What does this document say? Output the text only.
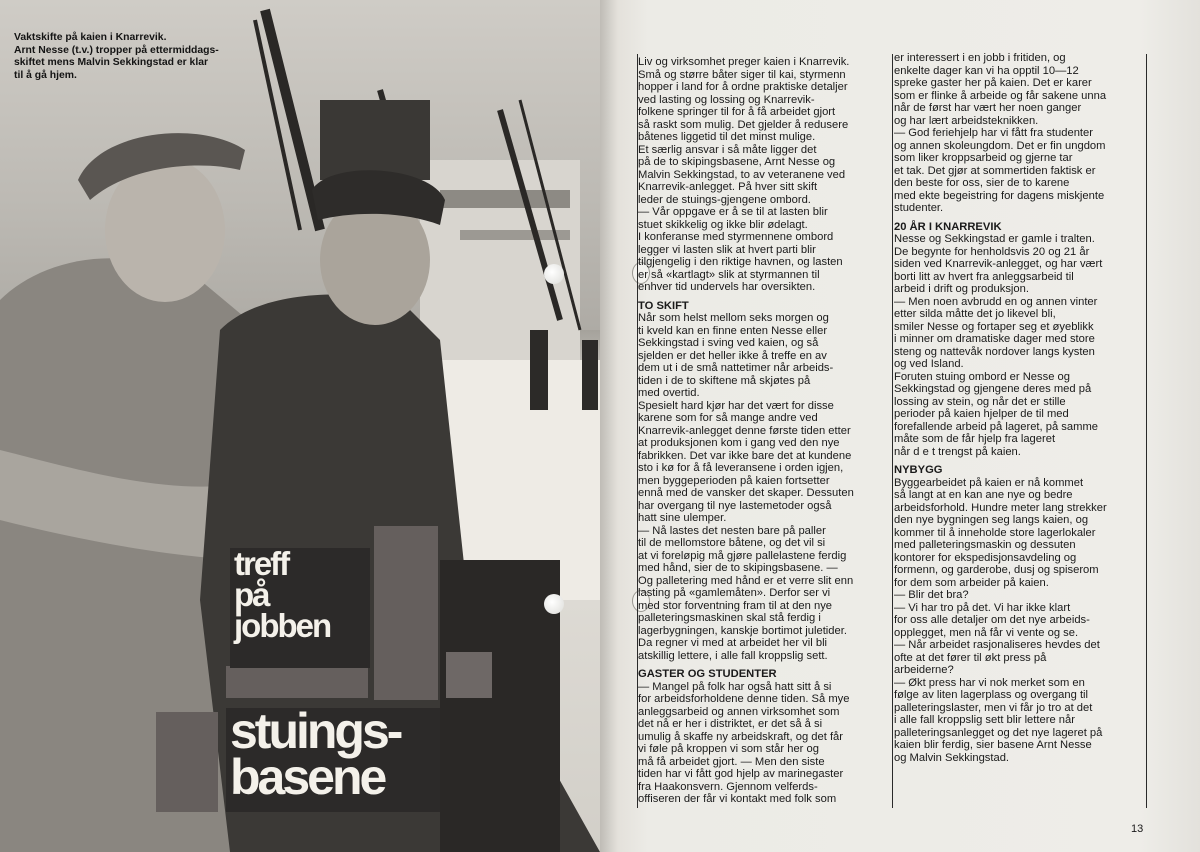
Vaktskifte på kaien i Knarrevik.
Arnt Nesse (t.v.) tropper på ettermiddags-
skiftet mens Malvin Sekkingstad er klar
til å gå hjem.
treff
på
jobben
stuings-
basene
Liv og virksomhet preger kaien i Knarrevik.
Små og større båter siger til kai, styrmenn
hopper i land for å ordne praktiske detaljer
ved lasting og lossing og Knarrevik-
folkene springer til for å få arbeidet gjort
så raskt som mulig. Det gjelder å redusere
båtenes liggetid til det minst mulige.
Et særlig ansvar i så måte ligger det
på de to skipingsbasene, Arnt Nesse og
Malvin Sekkingstad, to av veteranene ved
Knarrevik-anlegget. På hver sitt skift
leder de stuings-gjengene ombord.
— Vår oppgave er å se til at lasten blir
stuet skikkelig og ikke blir ødelagt.
I konferanse med styrmennene ombord
legger vi lasten slik at hvert parti blir
tilgjengelig i den riktige havnen, og lasten
er så «kartlagt» slik at styrmannen til
enhver tid undervels har oversikten.
TO SKIFT
Når som helst mellom seks morgen og
ti kveld kan en finne enten Nesse eller
Sekkingstad i sving ved kaien, og så
sjelden er det heller ikke å treffe en av
dem ut i de små nattetimer når arbeids-
tiden i de to skiftene må skjøtes på
med overtid.
Spesielt hard kjør har det vært for disse
karene som for så mange andre ved
Knarrevik-anlegget denne første tiden etter
at produksjonen kom i gang ved den nye
fabrikken. Det var ikke bare det at kundene
sto i kø for å få leveransene i orden igjen,
men byggeperioden på kaien fortsetter
ennå med de vansker det skaper. Dessuten
har overgang til nye lastemetoder også
hatt sine ulemper.
— Nå lastes det nesten bare på paller
til de mellomstore båtene, og det vil si
at vi foreløpig må gjøre pallelastene ferdig
med hånd, sier de to skipingsbasene. —
Og palletering med hånd er et verre slit enn
lasting på «gamlemåten». Derfor ser vi
med stor forventning fram til at den nye
palleteringsmaskinen skal stå ferdig i
lagerbygningen, kanskje bortimot juletider.
Da regner vi med at arbeidet her vil bli
atskillig lettere, i alle fall kroppslig sett.
GASTER OG STUDENTER
— Mangel på folk har også hatt sitt å si
for arbeidsforholdene denne tiden. Så mye
anleggsarbeid og annen virksomhet som
det nå er her i distriktet, er det så å si
umulig å skaffe ny arbeidskraft, og det får
vi føle på kroppen vi som står her og
må få arbeidet gjort. — Men den siste
tiden har vi fått god hjelp av marinegaster
fra Haakonsvern. Gjennom velferds-
offiseren der får vi kontakt med folk som
er interessert i en jobb i fritiden, og
enkelte dager kan vi ha opptil 10—12
spreke gaster her på kaien. Det er karer
som er flinke å arbeide og får sakene unna
når de først har vært her noen ganger
og har lært arbeidsteknikken.
— God feriehjelp har vi fått fra studenter
og annen skoleungdom. Det er fin ungdom
som liker kroppsarbeid og gjerne tar
et tak. Det gjør at sommertiden faktisk er
den beste for oss, sier de to karene
med ekte begeistring for dagens miskjente
studenter.
20 ÅR I KNARREVIK
Nesse og Sekkingstad er gamle i tralten.
De begynte for henholdsvis 20 og 21 år
siden ved Knarrevik-anlegget, og har vært
borti litt av hvert fra anleggsarbeid til
arbeid i drift og produksjon.
— Men noen avbrudd en og annen vinter
etter silda måtte det jo likevel bli,
smiler Nesse og fortaper seg et øyeblikk
i minner om dramatiske dager med store
steng og nattevåk nordover langs kysten
og ved Island.
Foruten stuing ombord er Nesse og
Sekkingstad og gjengene deres med på
lossing av stein, og når det er stille
perioder på kaien hjelper de til med
forefallende arbeid på lageret, på samme
måte som de får hjelp fra lageret
når d e t trengst på kaien.
NYBYGG
Byggearbeidet på kaien er nå kommet
så langt at en kan ane nye og bedre
arbeidsforhold. Hundre meter lang strekker
den nye bygningen seg langs kaien, og
kommer til å inneholde store lagerlokaler
med palleteringsmaskin og dessuten
kontorer for ekspedisjonsavdeling og
formenn, og garderobe, dusj og spiserom
for dem som arbeider på kaien.
— Blir det bra?
— Vi har tro på det. Vi har ikke klart
for oss alle detaljer om det nye arbeids-
opplegget, men nå får vi vente og se.
— Når arbeidet rasjonaliseres hevdes det
ofte at det fører til økt press på
arbeiderne?
— Økt press har vi nok merket som en
følge av liten lagerplass og overgang til
palleteringslaster, men vi får jo tro at det
i alle fall kroppslig sett blir lettere når
palleteringsanlegget og det nye lageret på
kaien blir ferdig, sier basene Arnt Nesse
og Malvin Sekkingstad.
13
